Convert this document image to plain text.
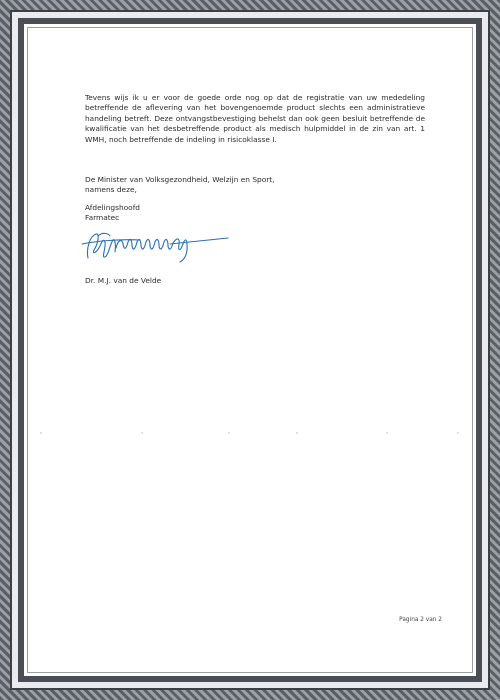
Tevens wijs ik u er voor de goede orde nog op dat de registratie van uw mededeling betreffende de aflevering van het bovengenoemde product slechts een administratieve handeling betreft. Deze ontvangstbevestiging behelst dan ook geen besluit betreffende de kwalificatie van het desbetreffende product als medisch hulpmiddel in de zin van art. 1 WMH, noch betreffende de indeling in risicoklasse I.

De Minister van Volksgezondheid, Welzijn en Sport,
namens deze,
Afdelingshoofd
Farmatec
Dr. M.J. van de Velde
Pagina 2 van 2
